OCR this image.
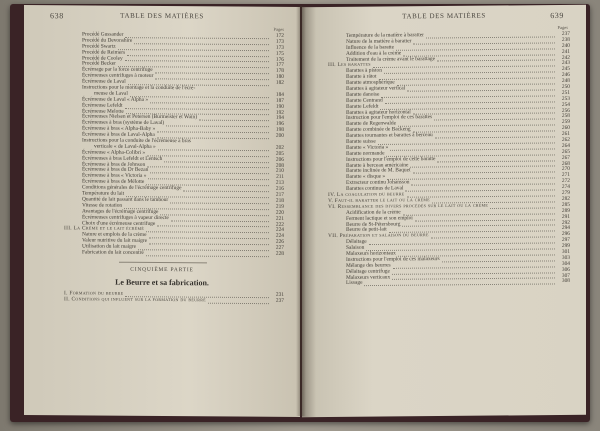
638	TABLE DES MATIÈRES
Pages
Procédé Gussander	172
Procédé du Devonshire	173
Procédé Swartz	173
Procédé de Reimers	175
Procédé de Cooley	176
Procédé Becker	177
Écrémage par la force centrifuge	178
Écrémeuses centrifuges à moteur	180
Écrémeuse de Laval	182
Instructions pour le montage et la conduite de l'écré-
meuse de Laval	184
Écrémeuse de Laval « Alpha »	187
Écrémeuse Lefeldt	190
Écrémeuse Melotte	192
Écrémeuses Nielsen et Petersen (Burmeister et Wain)	194
Écrémeuses à bras (système de Laval)	196
Écrémeuse à bras « Alpha-Baby »	198
Écrémeuse à bras de Laval-Alpha	200
Instructions pour la conduite de l'écrémeuse à bras
verticale « de Laval-Alpha »	202
Écrémeuse « Alpha-Colibri »	205
Écrémeuses à bras Lefeldt et Lentsch	206
Écrémeuse à bras de Johnson	208
Écrémeuse à bras du Dr Bezan	210
Écrémeuse à bras « Victoria »	211
Écrémeuse à bras de Mélotte	213
Conditions générales de l'écrémage centrifuge	216
Température du lait	217
Quantité de lait passant dans le tambour	218
Vitesse de rotation	219
Avantages de l'écrémage centrifuge	220
Écrémeuses centrifuges à vapeur directe	221
Choix d'une écrémeuse centrifuge	222
III. La Crème et le lait écrémé	224
Nature et emplois de la crème	224
Valeur nutritive du lait maigre	226
Utilisation du lait maigre	227
Fabrication du lait concentré	228
CINQUIÈME PARTIE
Le Beurre et sa fabrication.
I. Formation du beurre	231
II. Conditions qui influent sur la formation du beurre	237
639
TABLE DES MATIÈRES
Pages
Température de la matière à baratter	237
Nature de la matière à baratter	238
Influence de la baratte	240
Addition d'eau à la crème	241
Traitement de la crème avant le barattage	242
III. Les barattes	243
Barattes à piston	245
Baratte à râtot	246
Baratte atmosphérique	248
Barattes à agitateur vertical	250
Baratte danoise	251
Baratte Centrand	253
Baratte Lefeldt	254
Barattes à agitateur horizontal	256
Instruction pour l'emploi de ces barattes	258
Baratte de Regenwalde	259
Baratte combinée de Backeng	260
Barattes tournantes et barattes à berceau	261
Baratte suisse	262
Baratte « Victoria »	264
Baratte normande	265
Instructions pour l'emploi de cette baratte	267
Baratte à berceau américaine	268
Baratte inclinée de M. Baquet	270
Baratte « disque »	271
Extracteur continu Johansson	272
Barattes continus de Laval	274
IV. La coagulation du beurre	279
V. Faut-il baratter le lait ou la crème	282
VI. Ressemblance des divers procédés sur le lait ou la crème	285
Acidification de la crème	289
Ferment lactique et son emploi	291
Beurre de St-Pétersbourg	292
Beurre de petit-lait	294
VII. Préparation et salaison du beurre	296
Délaitage	297
Salaison	299
Malaxeurs horizontaux	301
Instructions pour l'emploi de ces malaxeurs	303
Mélange des beurres	304
Délaitage centrifuge	306
Malaxeurs verticaux	307
Lissage	308
